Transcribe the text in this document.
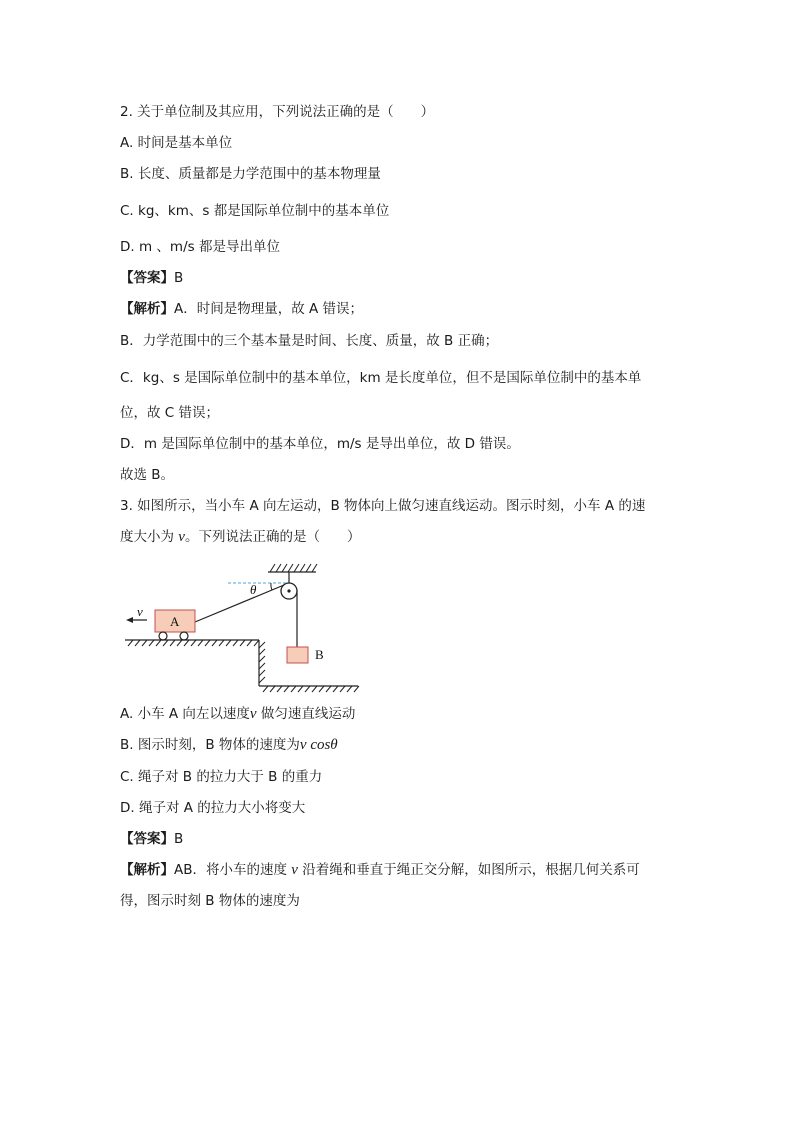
2. 关于单位制及其应用，下列说法正确的是（　　）
A. 时间是基本单位
B. 长度、质量都是力学范围中的基本物理量
C. kg、km、s 都是国际单位制中的基本单位
D. m 、m/s 都是导出单位
【答案】B
【解析】A．时间是物理量，故 A 错误；
B．力学范围中的三个基本量是时间、长度、质量，故 B 正确；
C．kg、s 是国际单位制中的基本单位，km 是长度单位，但不是国际单位制中的基本单
位，故 C 错误；
D．m 是国际单位制中的基本单位，m/s 是导出单位，故 D 错误。
故选 B。
3. 如图所示，当小车 A 向左运动，B 物体向上做匀速直线运动。图示时刻，小车 A 的速
度大小为 v。下列说法正确的是（　　）
θ
A
v
B
A. 小车 A 向左以速度v 做匀速直线运动
B. 图示时刻，B 物体的速度为v cosθ
C. 绳子对 B 的拉力大于 B 的重力
D. 绳子对 A 的拉力大小将变大
【答案】B
【解析】AB．将小车的速度 v 沿着绳和垂直于绳正交分解，如图所示，根据几何关系可
得，图示时刻 B 物体的速度为
